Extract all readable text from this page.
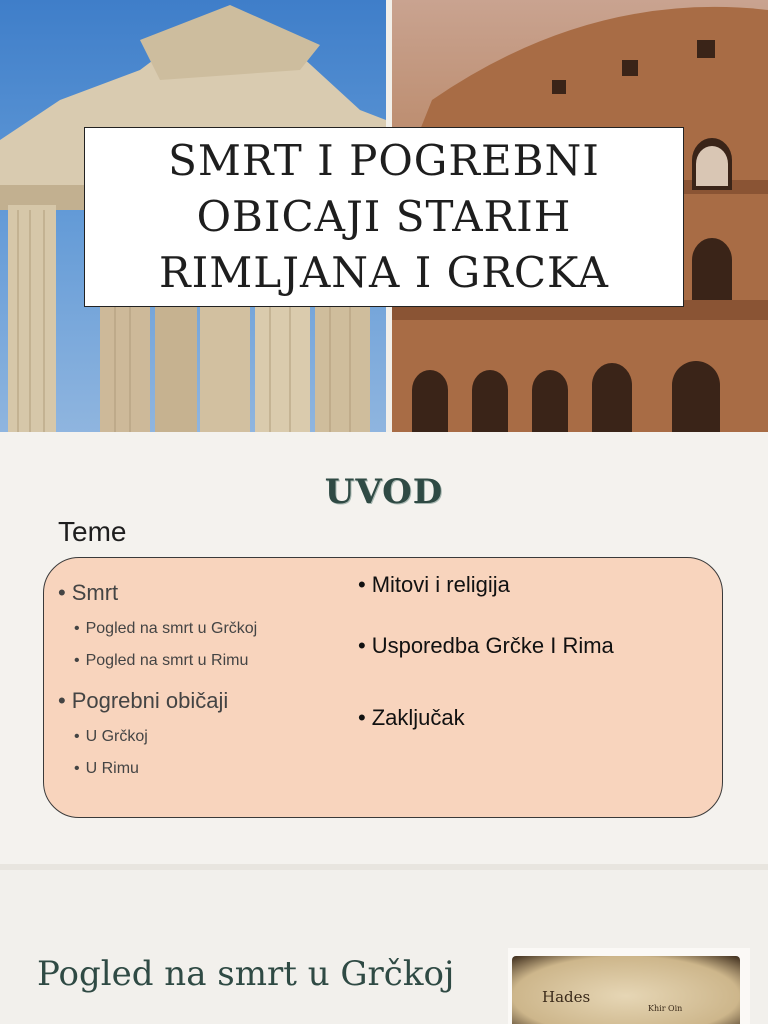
SMRT I POGREBNI
OBICAJI STARIH
RIMLJANA I GRCKA
UVOD
Teme
• Smrt
• Pogled na smrt u Grčkoj
• Pogled na smrt u Rimu
• Pogrebni običaji
• U Grčkoj
• U Rimu
• Mitovi i religija
• Usporedba Grčke I Rima
• Zaključak
Pogled na smrt u Grčkoj
Hades
Khir Oin
